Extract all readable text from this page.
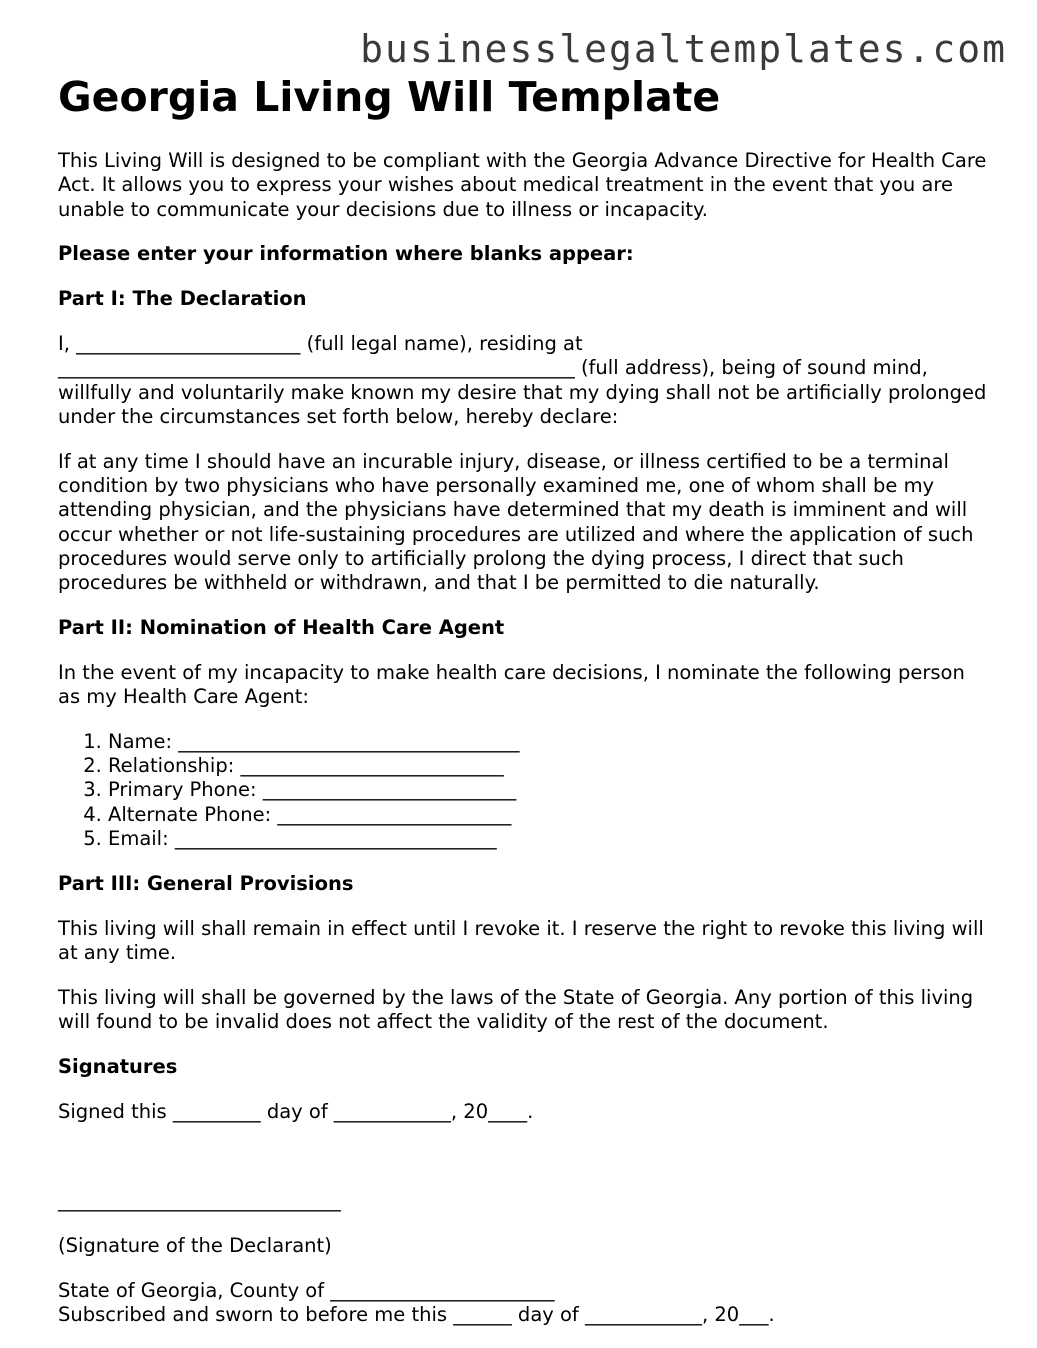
businesslegaltemplates.com
Georgia Living Will Template

This Living Will is designed to be compliant with the Georgia Advance Directive for Health Care Act. It allows you to express your wishes about medical treatment in the event that you are unable to communicate your decisions due to illness or incapacity.

Please enter your information where blanks appear:

Part I: The Declaration

I, _______________________ (full legal name), residing at
_____________________________________________________ (full address), being of sound mind, willfully and voluntarily make known my desire that my dying shall not be artificially prolonged under the circumstances set forth below, hereby declare:

If at any time I should have an incurable injury, disease, or illness certified to be a terminal condition by two physicians who have personally examined me, one of whom shall be my attending physician, and the physicians have determined that my death is imminent and will occur whether or not life-sustaining procedures are utilized and where the application of such procedures would serve only to artificially prolong the dying process, I direct that such procedures be withheld or withdrawn, and that I be permitted to die naturally.

Part II: Nomination of Health Care Agent

In the event of my incapacity to make health care decisions, I nominate the following person as my Health Care Agent:

1. Name: ___________________________________
2. Relationship: ___________________________
3. Primary Phone: __________________________
4. Alternate Phone: ________________________
5. Email: _________________________________

Part III: General Provisions

This living will shall remain in effect until I revoke it. I reserve the right to revoke this living will at any time.

This living will shall be governed by the laws of the State of Georgia. Any portion of this living will found to be invalid does not affect the validity of the rest of the document.

Signatures

Signed this _________ day of ____________, 20____.

_____________________________

(Signature of the Declarant)

State of Georgia, County of _______________________
Subscribed and sworn to before me this ______ day of ____________, 20___.
